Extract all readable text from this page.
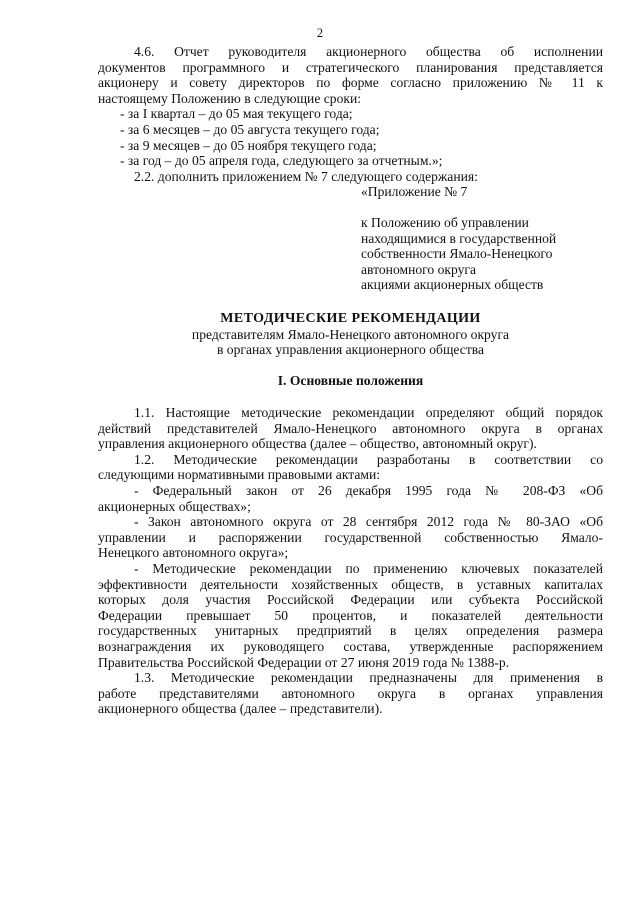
2

4.6. Отчет руководителя акционерного общества об исполнении

документов программного и стратегического планирования представляется

акционеру и совету директоров по форме согласно приложению № 11 к

настоящему Положению в следующие сроки:

- за I квартал – до 05 мая текущего года;

- за 6 месяцев – до 05 августа текущего года;

- за 9 месяцев – до 05 ноября текущего года;

- за год – до 05 апреля года, следующего за отчетным.»;

2.2. дополнить приложением № 7 следующего содержания:

«Приложение № 7

к Положению об управлении

находящимися в государственной

собственности Ямало-Ненецкого

автономного округа

акциями акционерных обществ

МЕТОДИЧЕСКИЕ РЕКОМЕНДАЦИИ

представителям Ямало-Ненецкого автономного округа

в органах управления акционерного общества

I. Основные положения

1.1. Настоящие методические рекомендации определяют общий порядок

действий представителей Ямало-Ненецкого автономного округа в органах

управления акционерного общества (далее – общество, автономный округ).

1.2. Методические рекомендации разработаны в соответствии со

следующими нормативными правовыми актами:

- Федеральный закон от 26 декабря 1995 года № 208-ФЗ «Об

акционерных обществах»;

- Закон автономного округа от 28 сентября 2012 года № 80-ЗАО «Об

управлении и распоряжении государственной собственностью Ямало-

Ненецкого автономного округа»;

- Методические рекомендации по применению ключевых показателей

эффективности деятельности хозяйственных обществ, в уставных капиталах

которых доля участия Российской Федерации или субъекта Российской

Федерации превышает 50 процентов, и показателей деятельности

государственных унитарных предприятий в целях определения размера

вознаграждения их руководящего состава, утвержденные распоряжением

Правительства Российской Федерации от 27 июня 2019 года № 1388-р.

1.3. Методические рекомендации предназначены для применения в

работе представителями автономного округа в органах управления

акционерного общества (далее – представители).
